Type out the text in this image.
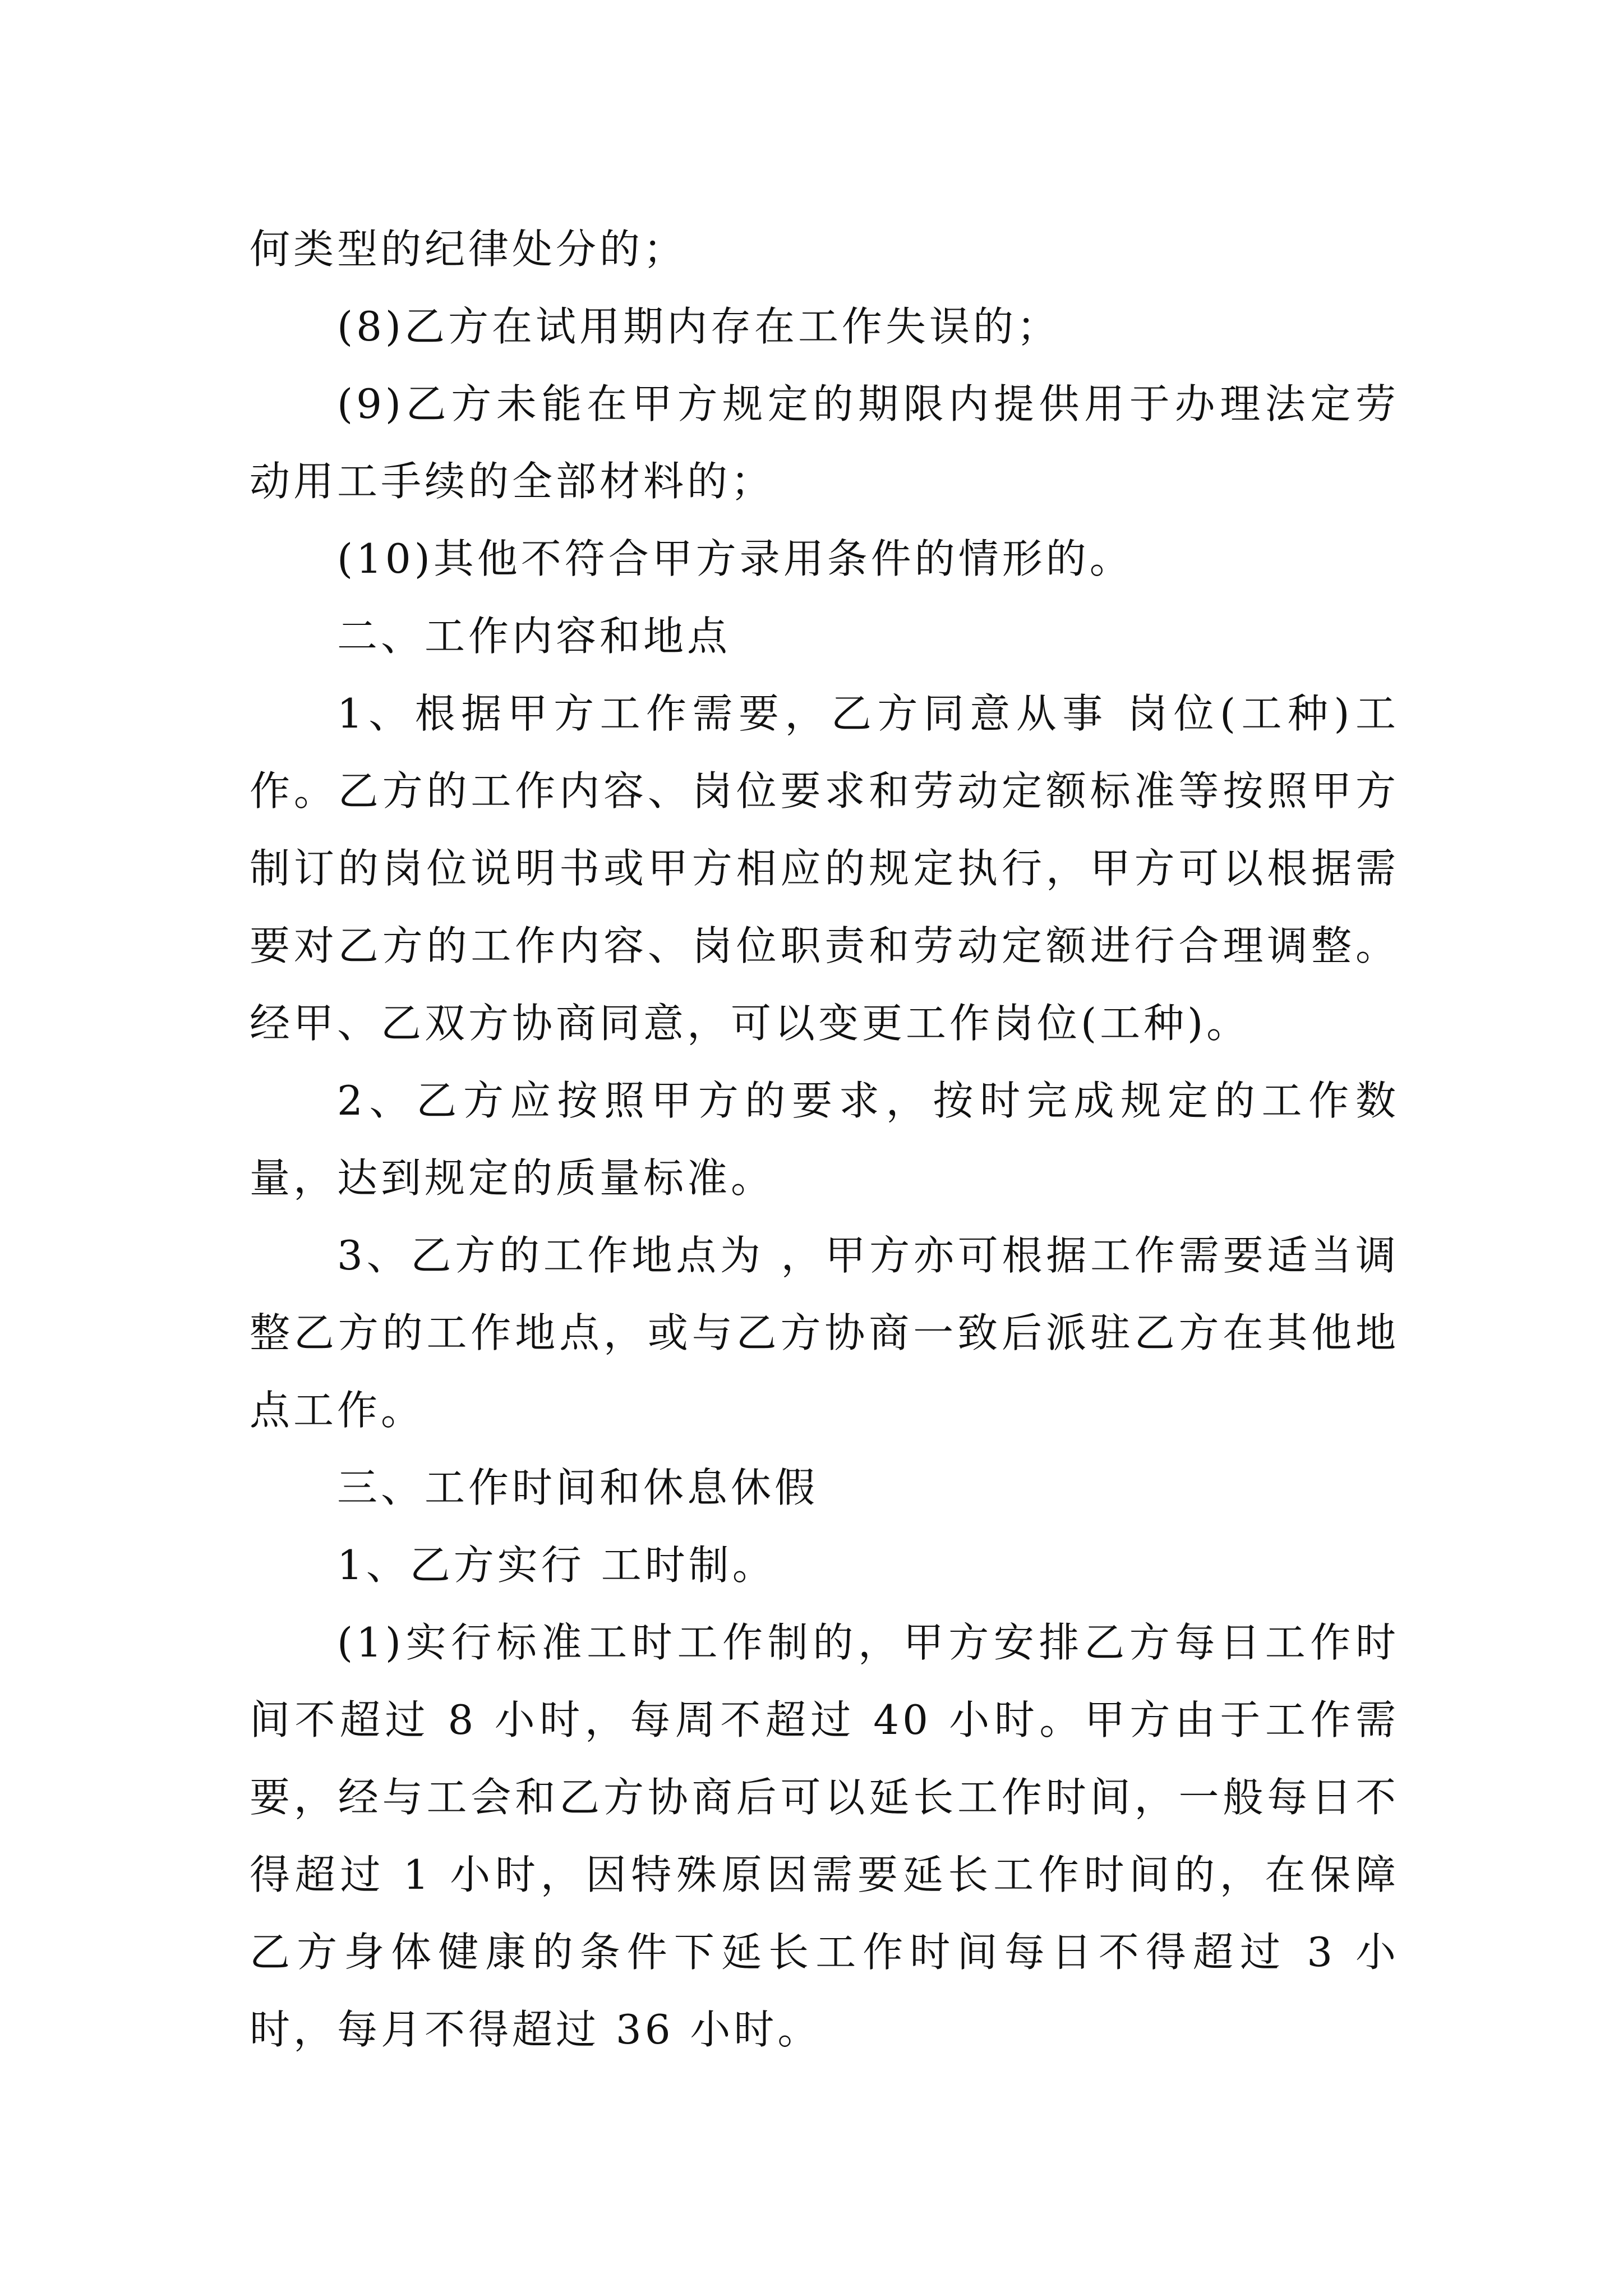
何类型的纪律处分的；

(8)乙方在试用期内存在工作失误的；

(9)乙方未能在甲方规定的期限内提供用于办理法定劳动用工手续的全部材料的；

(10)其他不符合甲方录用条件的情形的。

二、工作内容和地点

1、根据甲方工作需要，乙方同意从事 岗位(工种)工作。乙方的工作内容、岗位要求和劳动定额标准等按照甲方制订的岗位说明书或甲方相应的规定执行，甲方可以根据需要对乙方的工作内容、岗位职责和劳动定额进行合理调整。经甲、乙双方协商同意，可以变更工作岗位(工种)。

2、乙方应按照甲方的要求，按时完成规定的工作数量，达到规定的质量标准。

3、乙方的工作地点为 ，甲方亦可根据工作需要适当调整乙方的工作地点，或与乙方协商一致后派驻乙方在其他地点工作。

三、工作时间和休息休假

1、乙方实行 工时制。

(1)实行标准工时工作制的，甲方安排乙方每日工作时间不超过 8 小时，每周不超过 40 小时。甲方由于工作需要，经与工会和乙方协商后可以延长工作时间，一般每日不得超过 1 小时，因特殊原因需要延长工作时间的，在保障乙方身体健康的条件下延长工作时间每日不得超过 3 小时，每月不得超过 36 小时。
